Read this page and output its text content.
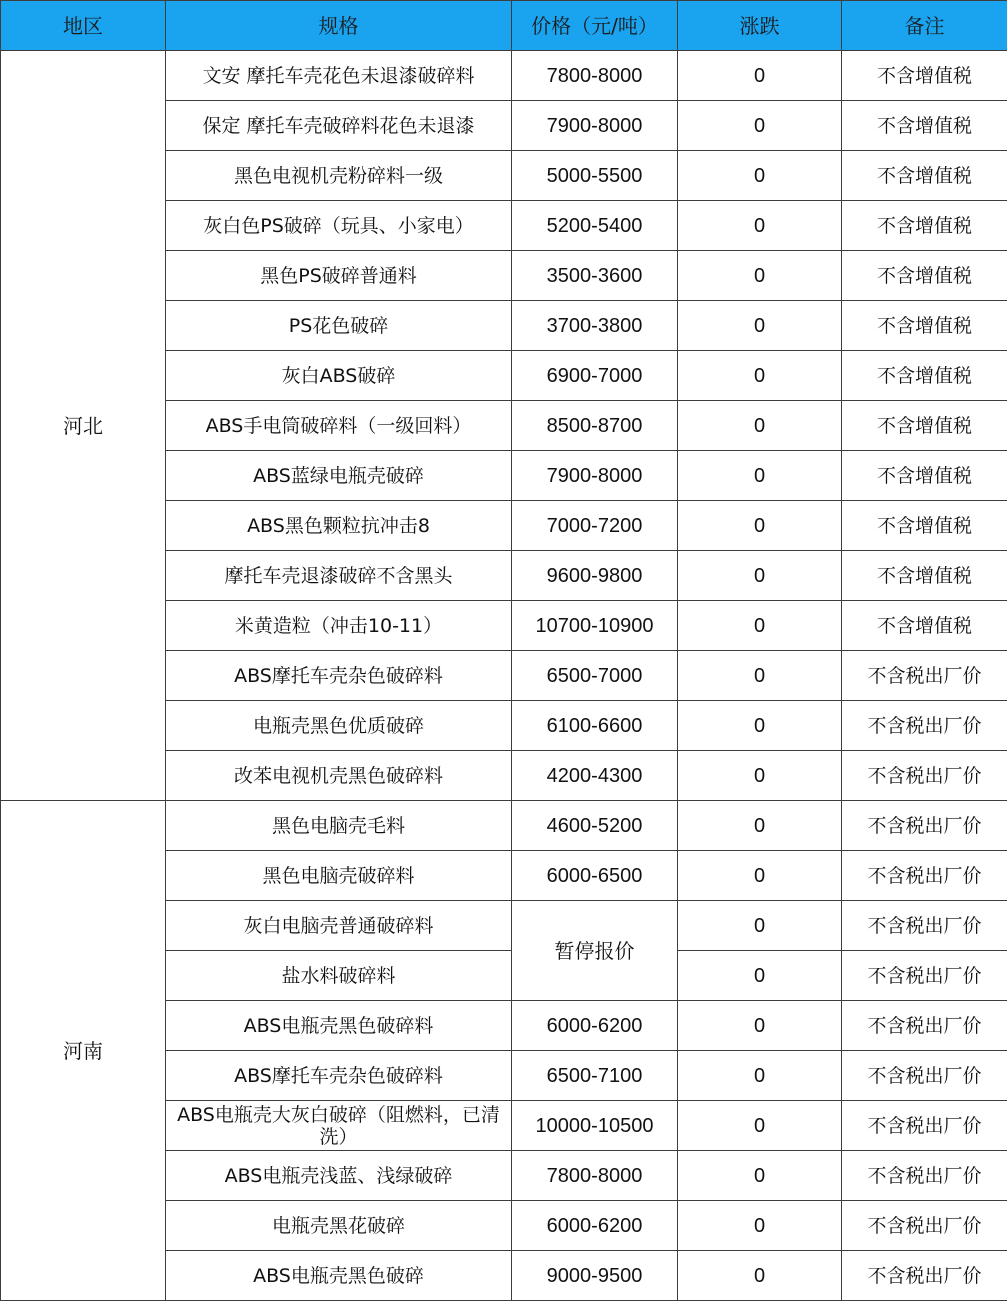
地区	规格	价格（元/吨）	涨跌	备注
河北	文安 摩托车壳花色未退漆破碎料	7800-8000	0	不含增值税
	保定 摩托车壳破碎料花色未退漆	7900-8000	0	不含增值税
	黑色电视机壳粉碎料一级	5000-5500	0	不含增值税
	灰白色PS破碎（玩具、小家电）	5200-5400	0	不含增值税
	黑色PS破碎普通料	3500-3600	0	不含增值税
	PS花色破碎	3700-3800	0	不含增值税
	灰白ABS破碎	6900-7000	0	不含增值税
	ABS手电筒破碎料（一级回料）	8500-8700	0	不含增值税
	ABS蓝绿电瓶壳破碎	7900-8000	0	不含增值税
	ABS黑色颗粒抗冲击8	7000-7200	0	不含增值税
	摩托车壳退漆破碎不含黑头	9600-9800	0	不含增值税
	米黄造粒（冲击10-11）	10700-10900	0	不含增值税
	ABS摩托车壳杂色破碎料	6500-7000	0	不含税出厂价
	电瓶壳黑色优质破碎	6100-6600	0	不含税出厂价
	改苯电视机壳黑色破碎料	4200-4300	0	不含税出厂价
河南	黑色电脑壳毛料	4600-5200	0	不含税出厂价
	黑色电脑壳破碎料	6000-6500	0	不含税出厂价
	灰白电脑壳普通破碎料	暂停报价	0	不含税出厂价
	盐水料破碎料		0	不含税出厂价
	ABS电瓶壳黑色破碎料	6000-6200	0	不含税出厂价
	ABS摩托车壳杂色破碎料	6500-7100	0	不含税出厂价
	ABS电瓶壳大灰白破碎（阻燃料，已清洗）	10000-10500	0	不含税出厂价
	ABS电瓶壳浅蓝、浅绿破碎	7800-8000	0	不含税出厂价
	电瓶壳黑花破碎	6000-6200	0	不含税出厂价
	ABS电瓶壳黑色破碎	9000-9500	0	不含税出厂价
